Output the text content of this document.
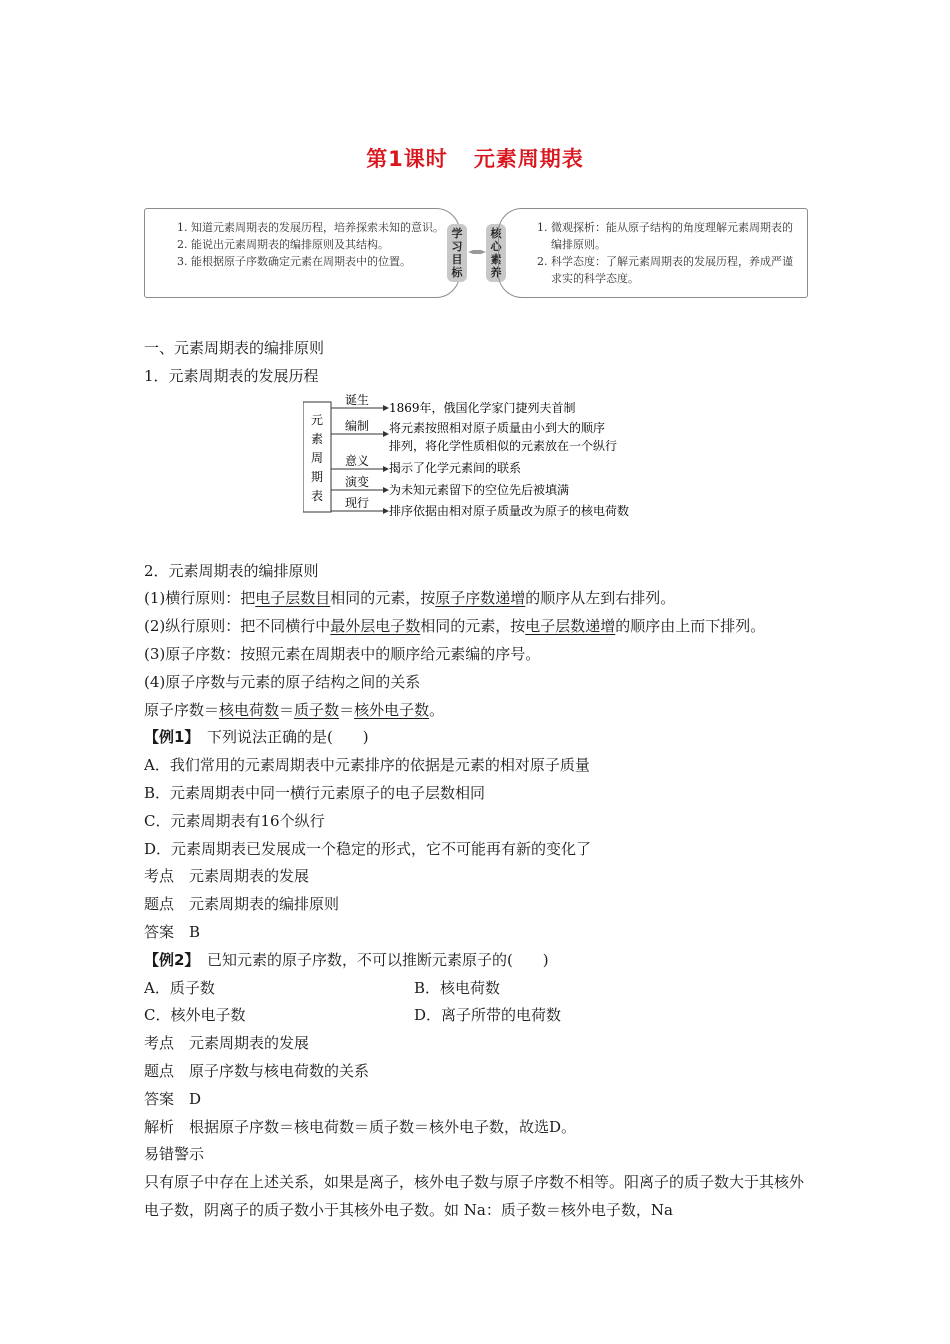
第1课时 元素周期表

1. 知道元素周期表的发展历程，培养探索未知的意识。

2. 能说出元素周期表的编排原则及其结构。

3. 能根据原子序数确定元素在周期表中的位置。

学习目标
核心素养

1. 微观探析：能从原子结构的角度理解元素周期表的编排原则。

2. 科学态度：了解元素周期表的发展历程，养成严谨求实的科学态度。

元
素
周
期
表
诞生
1869年，俄国化学家门捷列夫首制
编制 将元素按照相对原子质量由小到大的顺序
排列，将化学性质相似的元素放在一个纵行
意义 揭示了化学元素间的联系
演变
为未知元素留下的空位先后被填满
现行
排序依据由相对原子质量改为原子的核电荷数

一、元素周期表的编排原则

1．元素周期表的发展历程

2．元素周期表的编排原则

(1)横行原则：把电子层数目相同的元素，按原子序数递增的顺序从左到右排列。

(2)纵行原则：把不同横行中最外层电子数相同的元素，按电子层数递增的顺序由上而下排列。

(3)原子序数：按照元素在周期表中的顺序给元素编的序号。

(4)原子序数与元素的原子结构之间的关系

原子序数＝核电荷数＝质子数＝核外电子数。

【例1】　 下列说法正确的是(　　)

A．我们常用的元素周期表中元素排序的依据是元素的相对原子质量

B．元素周期表中同一横行元素原子的电子层数相同

C．元素周期表有16个纵行

D．元素周期表已发展成一个稳定的形式，它不可能再有新的变化了

考点　元素周期表的发展

题点　元素周期表的编排原则

答案　B

【例2】　 已知元素的原子序数，不可以推断元素原子的(　　)

A．质子数	B．核电荷数

C．核外电子数	D．离子所带的电荷数

考点　元素周期表的发展

题点　原子序数与核电荷数的关系

答案　D

解析　根据原子序数＝核电荷数＝质子数＝核外电子数，故选D。

易错警示

只有原子中存在上述关系，如果是离子，核外电子数与原子序数不相等。阳离子的质子数大于其核外电子数，阴离子的质子数小于其核外电子数。如 Na：质子数＝核外电子数，Na
